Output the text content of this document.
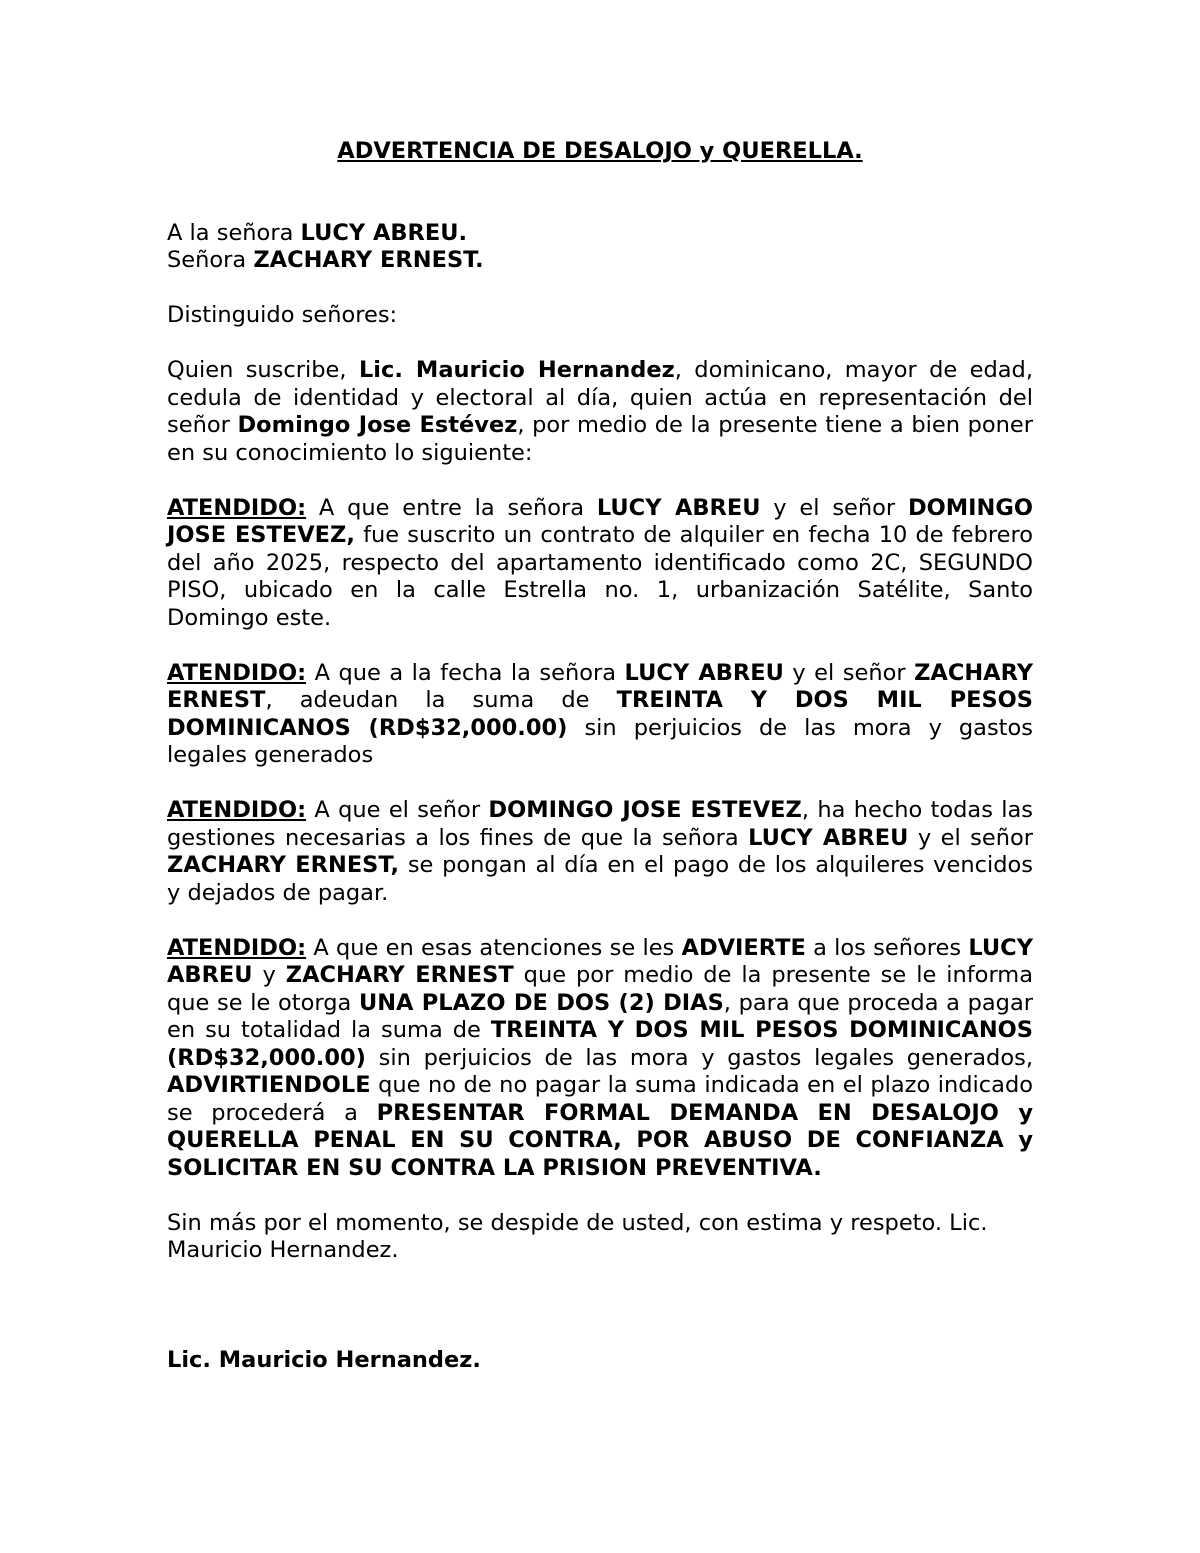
ADVERTENCIA DE DESALOJO y QUERELLA.

A la señora LUCY ABREU.
Señora ZACHARY ERNEST.

Distinguido señores:

Quien suscribe, Lic. Mauricio Hernandez, dominicano, mayor de edad, cedula de identidad y electoral al día, quien actúa en representación del señor Domingo Jose Estévez, por medio de la presente tiene a bien poner en su conocimiento lo siguiente:

ATENDIDO: A que entre la señora LUCY ABREU y el señor DOMINGO JOSE ESTEVEZ, fue suscrito un contrato de alquiler en fecha 10 de febrero del año 2025, respecto del apartamento identificado como 2C, SEGUNDO PISO, ubicado en la calle Estrella no. 1, urbanización Satélite, Santo Domingo este.

ATENDIDO: A que a la fecha la señora LUCY ABREU y el señor ZACHARY ERNEST, adeudan la suma de TREINTA Y DOS MIL PESOS DOMINICANOS (RD$32,000.00) sin perjuicios de las mora y gastos legales generados

ATENDIDO: A que el señor DOMINGO JOSE ESTEVEZ, ha hecho todas las gestiones necesarias a los fines de que la señora LUCY ABREU y el señor ZACHARY ERNEST, se pongan al día en el pago de los alquileres vencidos y dejados de pagar.

ATENDIDO: A que en esas atenciones se les ADVIERTE a los señores LUCY ABREU y ZACHARY ERNEST que por medio de la presente se le informa que se le otorga UNA PLAZO DE DOS (2) DIAS, para que proceda a pagar en su totalidad la suma de TREINTA Y DOS MIL PESOS DOMINICANOS (RD$32,000.00) sin perjuicios de las mora y gastos legales generados, ADVIRTIENDOLE que no de no pagar la suma indicada en el plazo indicado se procederá a PRESENTAR FORMAL DEMANDA EN DESALOJO y QUERELLA PENAL EN SU CONTRA, POR ABUSO DE CONFIANZA y SOLICITAR EN SU CONTRA LA PRISION PREVENTIVA.

Sin más por el momento, se despide de usted, con estima y respeto. Lic. Mauricio Hernandez.

Lic. Mauricio Hernandez.
